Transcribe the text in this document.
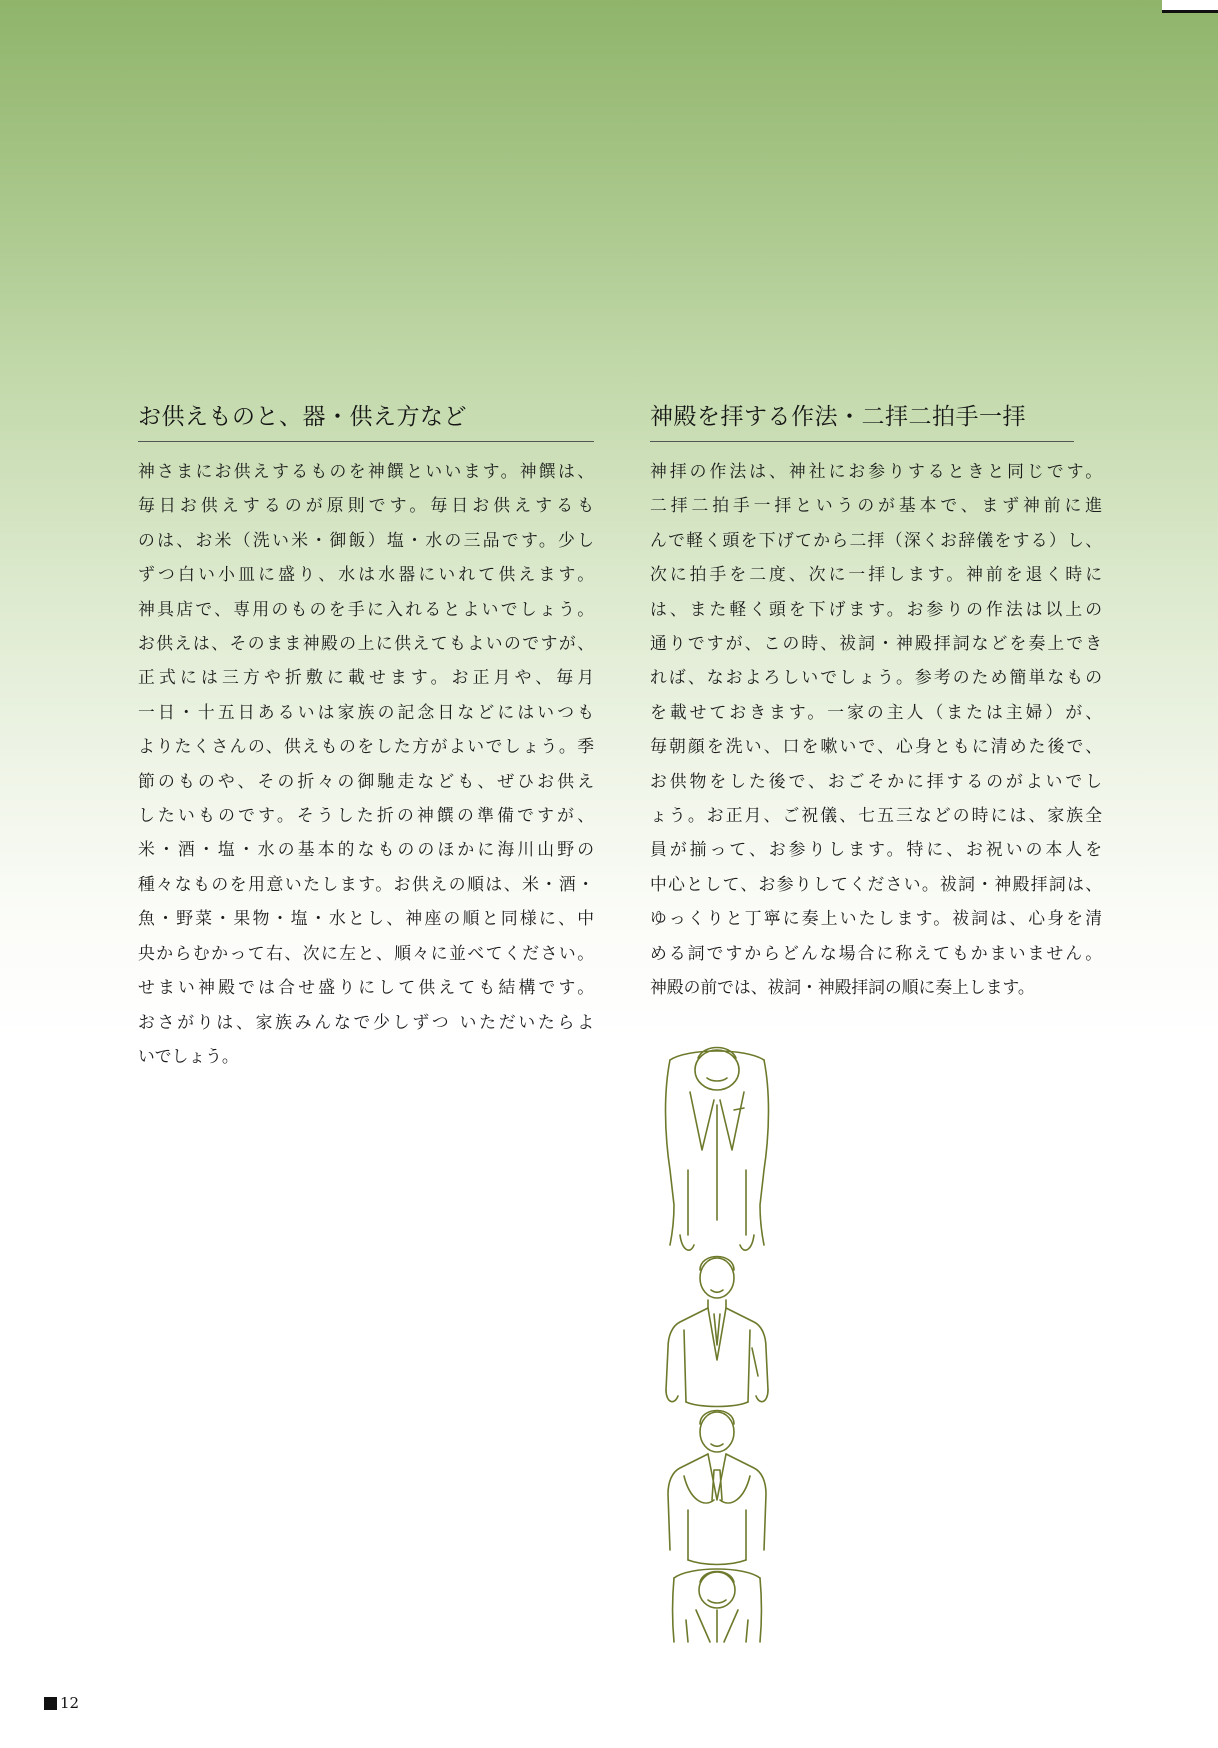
お供えものと、器・供え方など

神さまにお供えするものを神饌といいます。神饌は、

毎日お供えするのが原則です。毎日お供えするも

のは、お米（洗い米・御飯）塩・水の三品です。少し

ずつ白い小皿に盛り、水は水器にいれて供えます。

神具店で、専用のものを手に入れるとよいでしょう。

お供えは、そのまま神殿の上に供えてもよいのですが、

正式には三方や折敷に載せます。お正月や、毎月

一日・十五日あるいは家族の記念日などにはいつも

よりたくさんの、供えものをした方がよいでしょう。季

節のものや、その折々の御馳走なども、ぜひお供え

したいものです。そうした折の神饌の準備ですが、

米・酒・塩・水の基本的なもののほかに海川山野の

種々なものを用意いたします。お供えの順は、米・酒・

魚・野菜・果物・塩・水とし、神座の順と同様に、中

央からむかって右、次に左と、順々に並べてください。

せまい神殿では合せ盛りにして供えても結構です。

おさがりは、家族みんなで少しずつ いただいたらよ

いでしょう。

神殿を拝する作法・二拝二拍手一拝

神拝の作法は、神社にお参りするときと同じです。

二拝二拍手一拝というのが基本で、まず神前に進

んで軽く頭を下げてから二拝（深くお辞儀をする）し、

次に拍手を二度、次に一拝します。神前を退く時に

は、また軽く頭を下げます。お参りの作法は以上の

通りですが、この時、祓詞・神殿拝詞などを奏上でき

れば、なおよろしいでしょう。参考のため簡単なもの

を載せておきます。一家の主人（または主婦）が、

毎朝顔を洗い、口を嗽いで、心身ともに清めた後で、

お供物をした後で、おごそかに拝するのがよいでし

ょう。お正月、ご祝儀、七五三などの時には、家族全

員が揃って、お参りします。特に、お祝いの本人を

中心として、お参りしてください。祓詞・神殿拝詞は、

ゆっくりと丁寧に奏上いたします。祓詞は、心身を清

める詞ですからどんな場合に称えてもかまいません。

神殿の前では、祓詞・神殿拝詞の順に奏上します。

12
